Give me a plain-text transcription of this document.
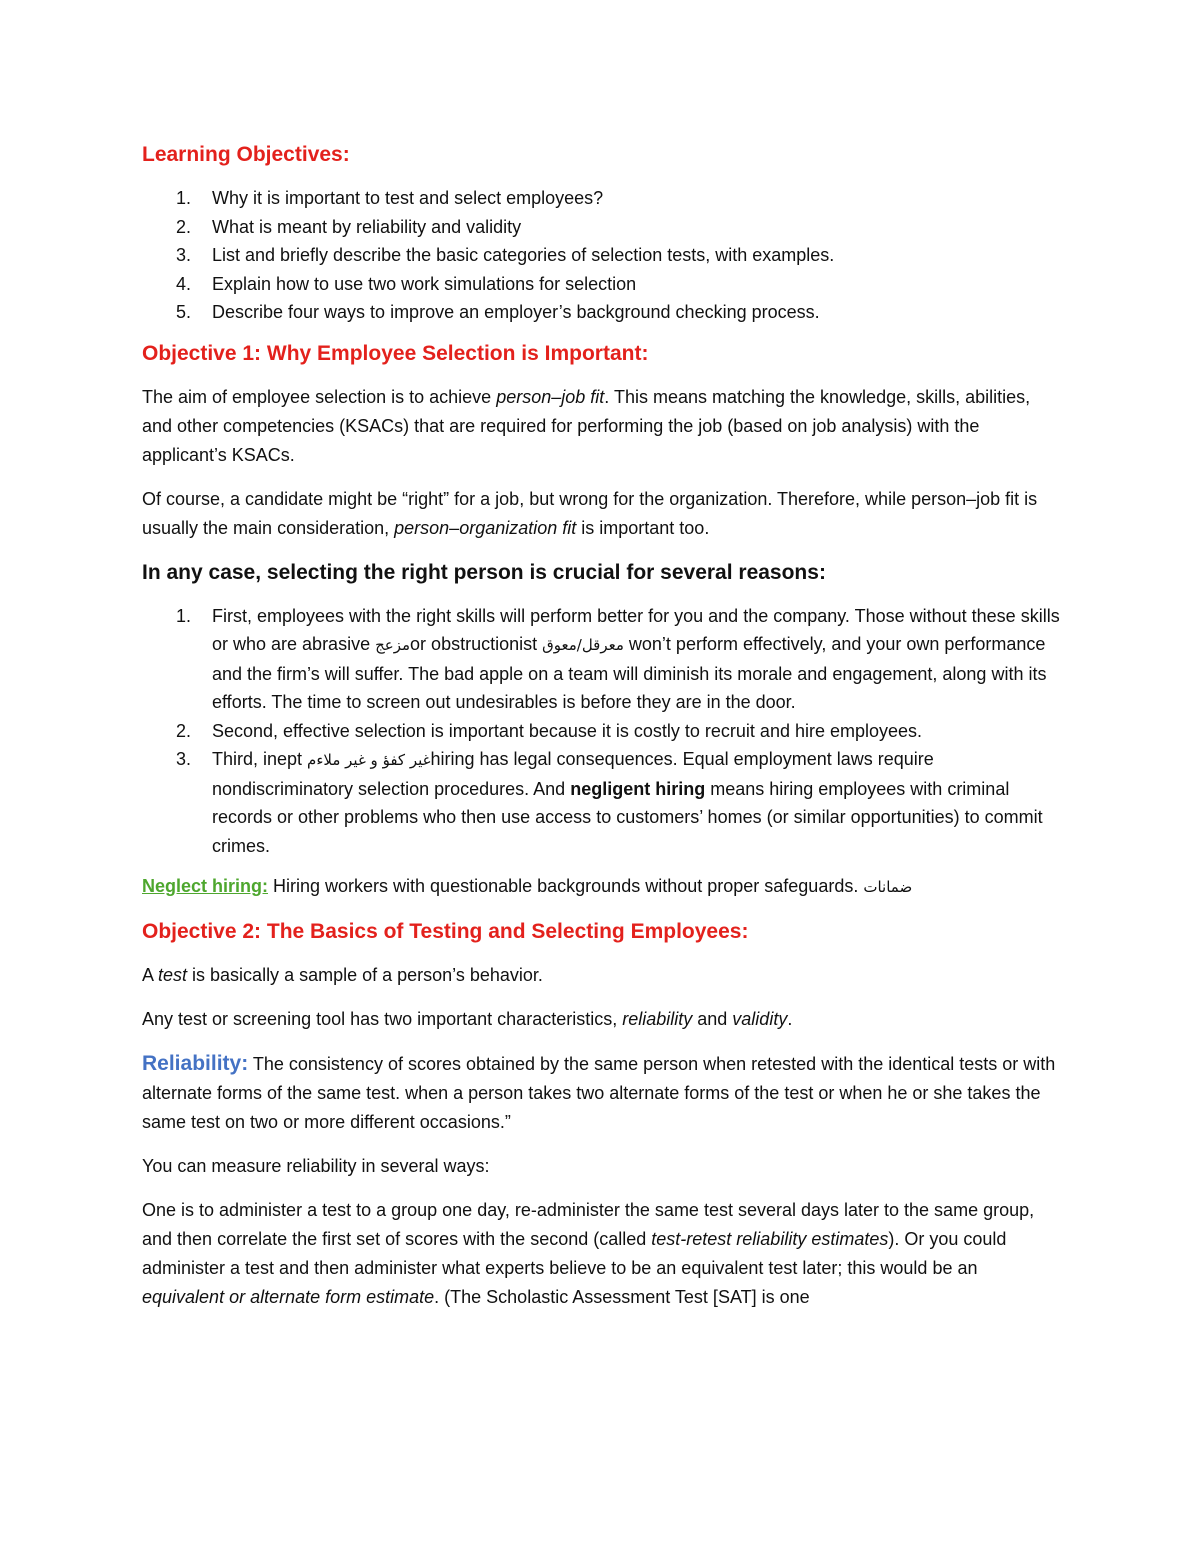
Learning Objectives:
1. Why it is important to test and select employees?
2. What is meant by reliability and validity
3. List and briefly describe the basic categories of selection tests, with examples.
4. Explain how to use two work simulations for selection
5. Describe four ways to improve an employer’s background checking process.
Objective 1: Why Employee Selection is Important:

The aim of employee selection is to achieve person–job fit. This means matching the knowledge, skills, abilities, and other competencies (KSACs) that are required for performing the job (based on job analysis) with the applicant’s KSACs.

Of course, a candidate might be “right” for a job, but wrong for the organization. Therefore, while person–job fit is usually the main consideration, person–organization fit is important too.

In any case, selecting the right person is crucial for several reasons:
1. First, employees with the right skills will perform better for you and the company. Those without these skills or who are abrasive مزعجor obstructionist معرقل/معوق won’t perform effectively, and your own performance and the firm’s will suffer. The bad apple on a team will diminish its morale and engagement, along with its efforts. The time to screen out undesirables is before they are in the door.
2. Second, effective selection is important because it is costly to recruit and hire employees.
3. Third, inept غير كفؤ و غير ملاءمhiring has legal consequences. Equal employment laws require nondiscriminatory selection procedures. And negligent hiring means hiring employees with criminal records or other problems who then use access to customers’ homes (or similar opportunities) to commit crimes.

Neglect hiring: Hiring workers with questionable backgrounds without proper safeguards. ضمانات

Objective 2: The Basics of Testing and Selecting Employees:

A test is basically a sample of a person’s behavior.

Any test or screening tool has two important characteristics, reliability and validity.

Reliability: The consistency of scores obtained by the same person when retested with the identical tests or with alternate forms of the same test. when a person takes two alternate forms of the test or when he or she takes the same test on two or more different occasions.”

You can measure reliability in several ways:

One is to administer a test to a group one day, re-administer the same test several days later to the same group, and then correlate the first set of scores with the second (called test-retest reliability estimates). Or you could administer a test and then administer what experts believe to be an equivalent test later; this would be an equivalent or alternate form estimate. (The Scholastic Assessment Test [SAT] is one
